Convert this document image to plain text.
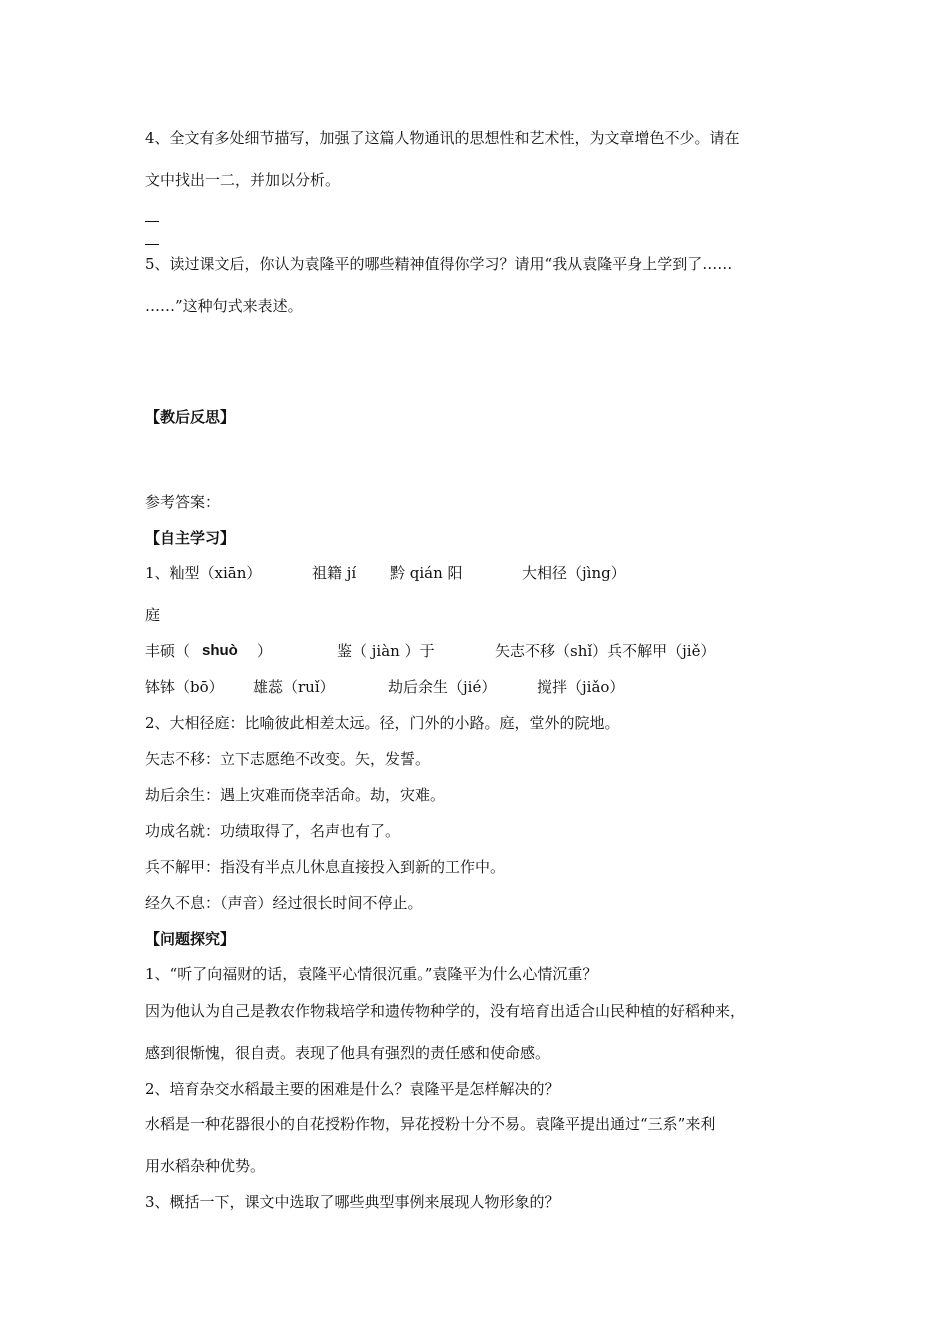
4、全文有多处细节描写，加强了这篇人物通讯的思想性和艺术性，为文章增色不少。请在
文中找出一二，并加以分析。
5、读过课文后，你认为袁隆平的哪些精神值得你学习？请用“我从袁隆平身上学到了……
……”这种句式来表述。
【教后反思】
参考答案：
【自主学习】
1、籼型（xiān）	祖籍 jí 黔 qián 阳	大相径（jìng）
庭
丰硕（ shuò ）	鉴（ jiàn ）于	矢志不移（shǐ）兵不解甲（jiě）
钵钵（bō） 雄蕊（ruǐ）	劫后余生（jié）	搅拌（jiǎo）
2、大相径庭：比喻彼此相差太远。径，门外的小路。庭，堂外的院地。
矢志不移：立下志愿绝不改变。矢，发誓。
劫后余生：遇上灾难而侥幸活命。劫，灾难。
功成名就：功绩取得了，名声也有了。
兵不解甲：指没有半点儿休息直接投入到新的工作中。
经久不息：（声音）经过很长时间不停止。
【问题探究】
1、“听了向福财的话，袁隆平心情很沉重。”袁隆平为什么心情沉重？
因为他认为自己是教农作物栽培学和遗传物种学的，没有培育出适合山民种植的好稻种来，
感到很惭愧，很自责。表现了他具有强烈的责任感和使命感。
2、培育杂交水稻最主要的困难是什么？袁隆平是怎样解决的？
水稻是一种花器很小的自花授粉作物，异花授粉十分不易。袁隆平提出通过“三系”来利
用水稻杂种优势。
3、概括一下，课文中选取了哪些典型事例来展现人物形象的？
